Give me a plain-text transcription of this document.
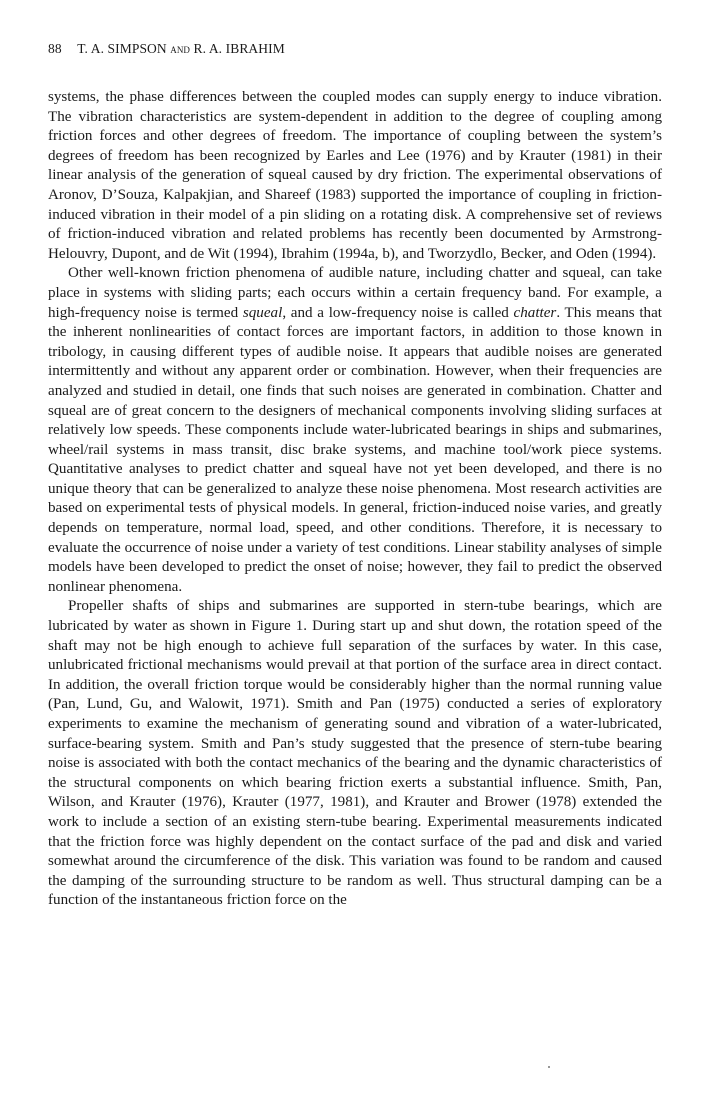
88 T. A. SIMPSON and R. A. IBRAHIM

systems, the phase differences between the coupled modes can supply energy to induce vibration. The vibration characteristics are system-dependent in addition to the degree of coupling among friction forces and other degrees of freedom. The importance of coupling between the system’s degrees of freedom has been recognized by Earles and Lee (1976) and by Krauter (1981) in their linear analysis of the generation of squeal caused by dry friction. The experimental observations of Aronov, D’Souza, Kalpakjian, and Shareef (1983) supported the importance of coupling in friction-induced vibration in their model of a pin sliding on a rotating disk. A comprehensive set of reviews of friction-induced vibration and related problems has recently been documented by Armstrong-Helouvry, Dupont, and de Wit (1994), Ibrahim (1994a, b), and Tworzydlo, Becker, and Oden (1994).

Other well-known friction phenomena of audible nature, including chatter and squeal, can take place in systems with sliding parts; each occurs within a certain frequency band. For example, a high-frequency noise is termed squeal, and a low-frequency noise is called chatter. This means that the inherent nonlinearities of contact forces are important factors, in addition to those known in tribology, in causing different types of audible noise. It appears that audible noises are generated intermittently and without any apparent order or combination. However, when their frequencies are analyzed and studied in detail, one finds that such noises are generated in combination. Chatter and squeal are of great concern to the designers of mechanical components involving sliding surfaces at relatively low speeds. These components include water-lubricated bearings in ships and submarines, wheel/rail systems in mass transit, disc brake systems, and machine tool/work piece systems. Quantitative analyses to predict chatter and squeal have not yet been developed, and there is no unique theory that can be generalized to analyze these noise phenomena. Most research activities are based on experimental tests of physical models. In general, friction-induced noise varies, and greatly depends on temperature, normal load, speed, and other conditions. Therefore, it is necessary to evaluate the occurrence of noise under a variety of test conditions. Linear stability analyses of simple models have been developed to predict the onset of noise; however, they fail to predict the observed nonlinear phenomena.

Propeller shafts of ships and submarines are supported in stern-tube bearings, which are lubricated by water as shown in Figure 1. During start up and shut down, the rotation speed of the shaft may not be high enough to achieve full separation of the surfaces by water. In this case, unlubricated frictional mechanisms would prevail at that portion of the surface area in direct contact. In addition, the overall friction torque would be considerably higher than the normal running value (Pan, Lund, Gu, and Walowit, 1971). Smith and Pan (1975) conducted a series of exploratory experiments to examine the mechanism of generating sound and vibration of a water-lubricated, surface-bearing system. Smith and Pan’s study suggested that the presence of stern-tube bearing noise is associated with both the contact mechanics of the bearing and the dynamic characteristics of the structural components on which bearing friction exerts a substantial influence. Smith, Pan, Wilson, and Krauter (1976), Krauter (1977, 1981), and Krauter and Brower (1978) extended the work to include a section of an existing stern-tube bearing. Experimental measurements indicated that the friction force was highly dependent on the contact surface of the pad and disk and varied somewhat around the circumference of the disk. This variation was found to be random and caused the damping of the surrounding structure to be random as well. Thus structural damping can be a function of the instantaneous friction force on the
